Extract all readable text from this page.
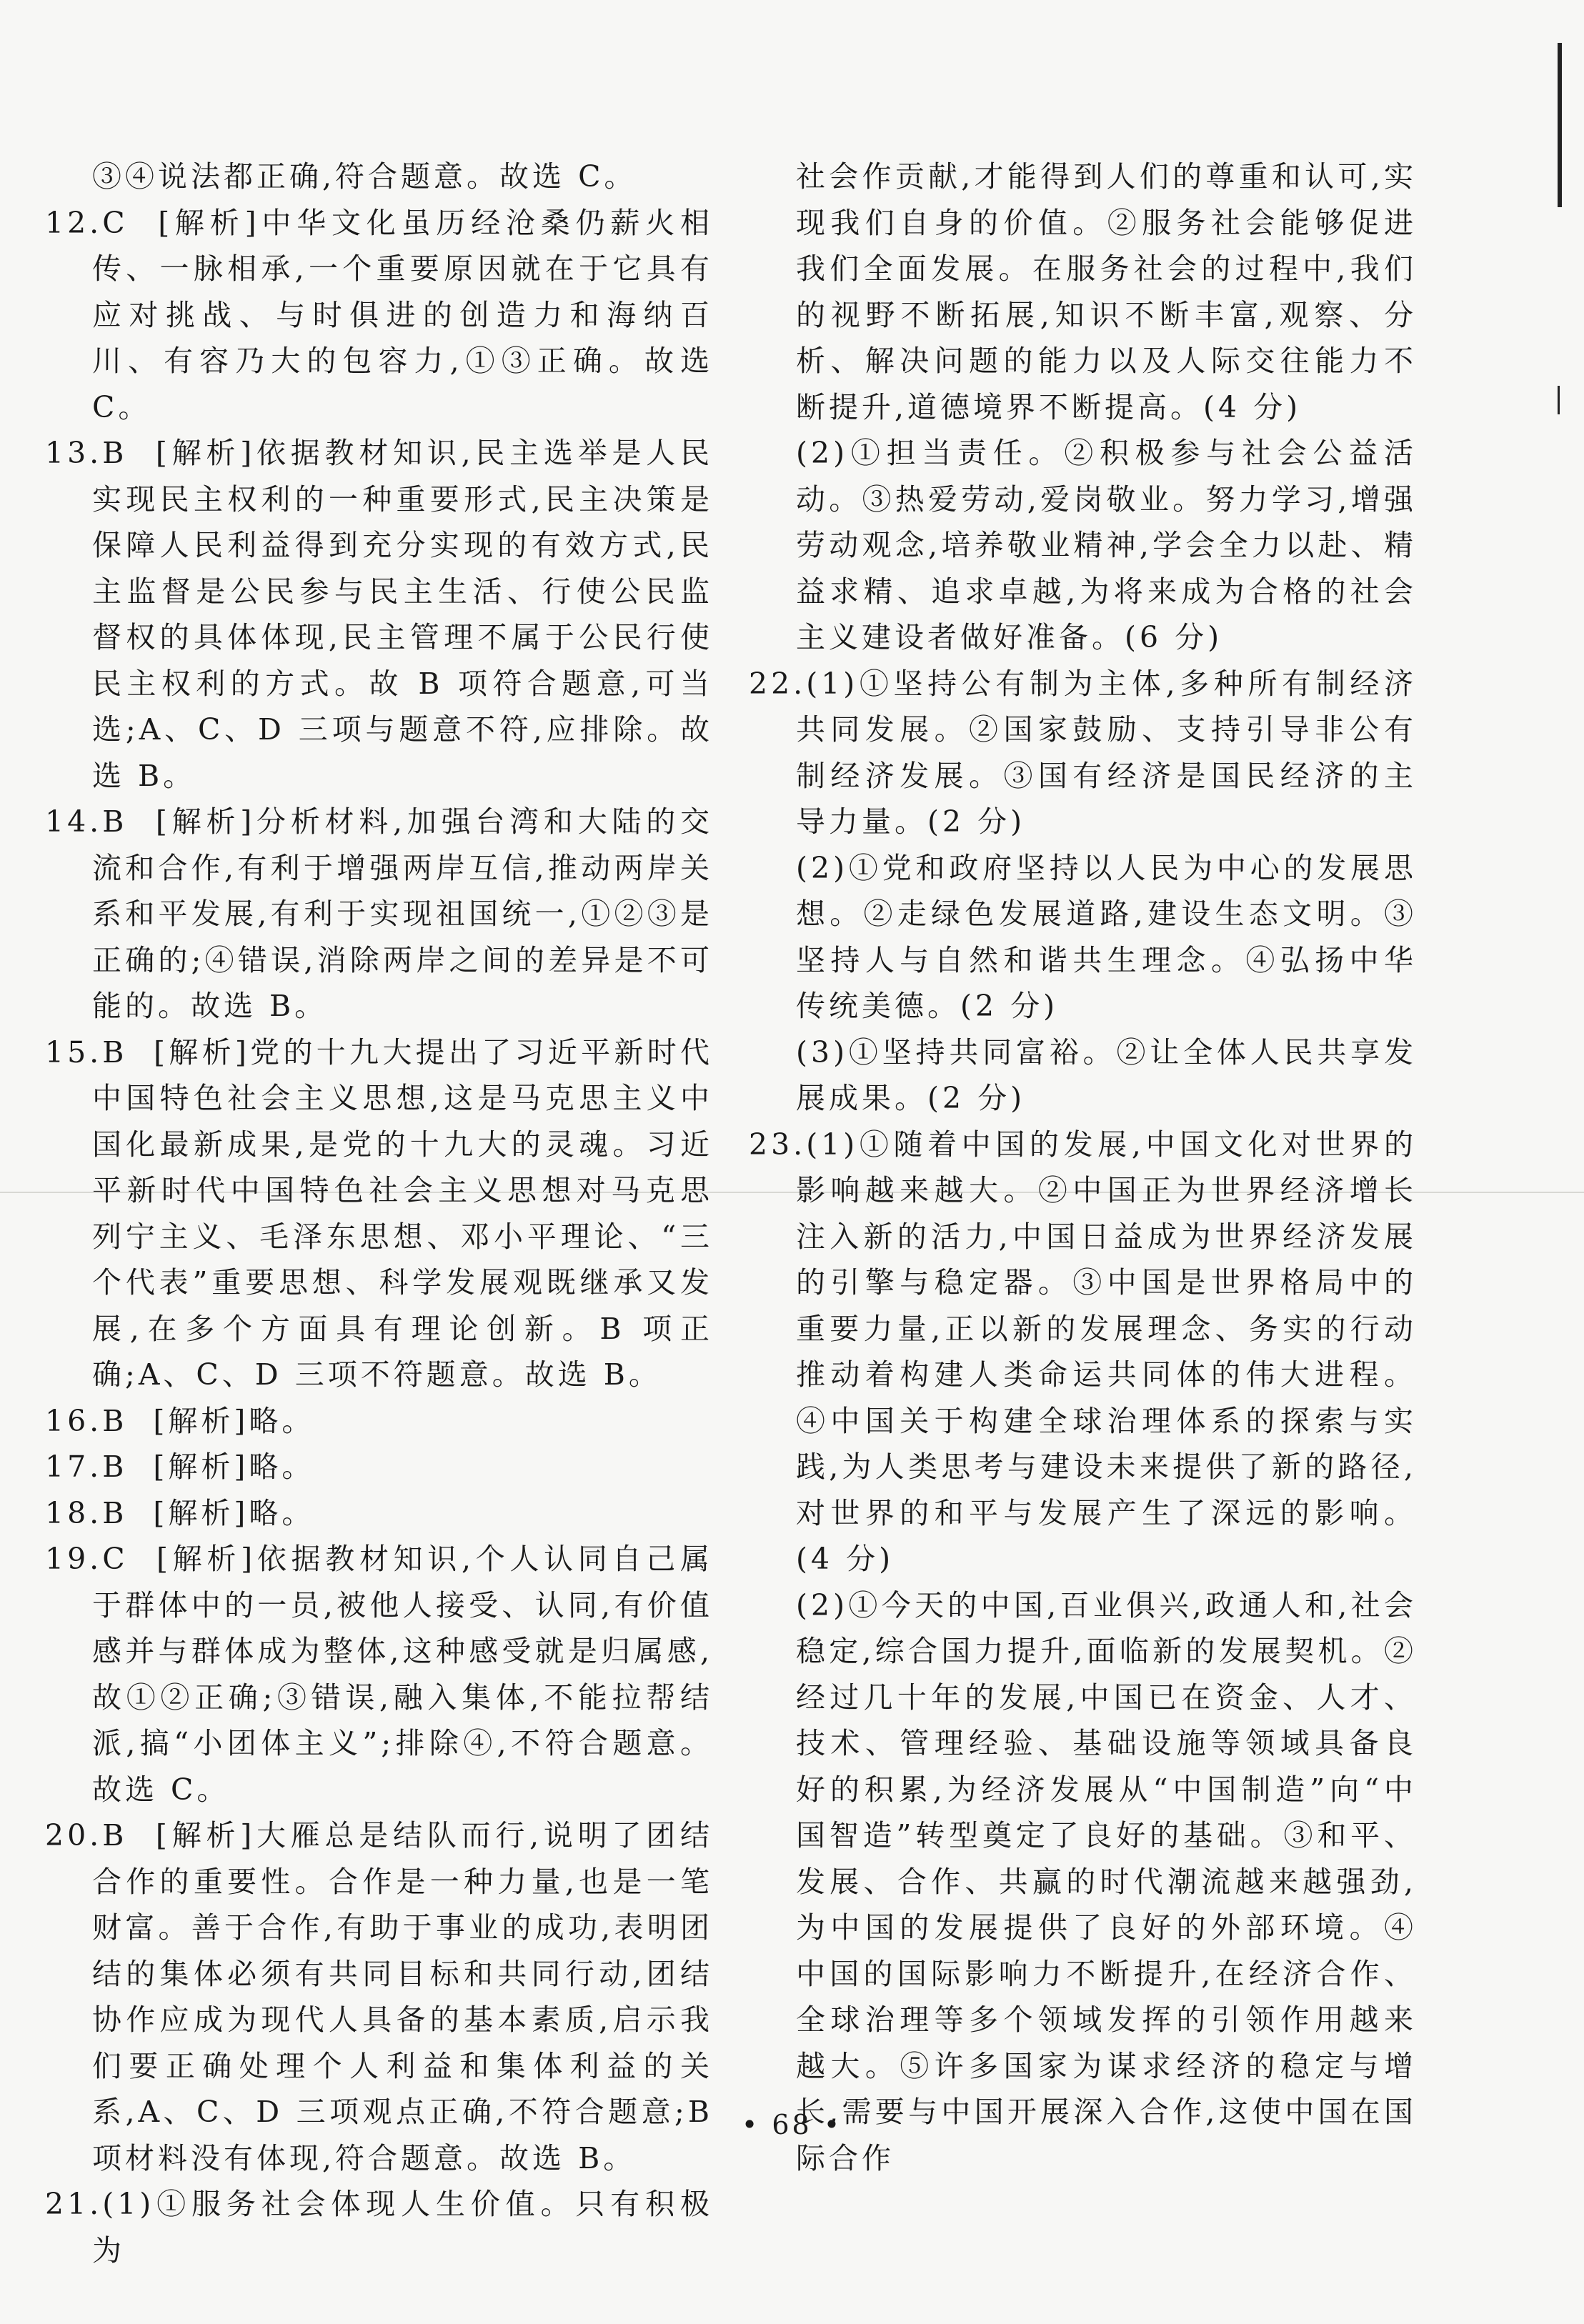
③④说法都正确,符合题意。故选 C。

12.C  [解析]中华文化虽历经沧桑仍薪火相传、一脉相承,一个重要原因就在于它具有应对挑战、与时俱进的创造力和海纳百川、有容乃大的包容力,①③正确。故选 C。

13.B  [解析]依据教材知识,民主选举是人民实现民主权利的一种重要形式,民主决策是保障人民利益得到充分实现的有效方式,民主监督是公民参与民主生活、行使公民监督权的具体体现,民主管理不属于公民行使民主权利的方式。故 B 项符合题意,可当选;A、C、D 三项与题意不符,应排除。故选 B。

14.B  [解析]分析材料,加强台湾和大陆的交流和合作,有利于增强两岸互信,推动两岸关系和平发展,有利于实现祖国统一,①②③是正确的;④错误,消除两岸之间的差异是不可能的。故选 B。

15.B  [解析]党的十九大提出了习近平新时代中国特色社会主义思想,这是马克思主义中国化最新成果,是党的十九大的灵魂。习近平新时代中国特色社会主义思想对马克思列宁主义、毛泽东思想、邓小平理论、“三个代表”重要思想、科学发展观既继承又发展,在多个方面具有理论创新。B 项正确;A、C、D 三项不符题意。故选 B。

16.B  [解析]略。

17.B  [解析]略。

18.B  [解析]略。

19.C  [解析]依据教材知识,个人认同自己属于群体中的一员,被他人接受、认同,有价值感并与群体成为整体,这种感受就是归属感,故①②正确;③错误,融入集体,不能拉帮结派,搞“小团体主义”;排除④,不符合题意。故选 C。

20.B  [解析]大雁总是结队而行,说明了团结合作的重要性。合作是一种力量,也是一笔财富。善于合作,有助于事业的成功,表明团结的集体必须有共同目标和共同行动,团结协作应成为现代人具备的基本素质,启示我们要正确处理个人利益和集体利益的关系,A、C、D 三项观点正确,不符合题意;B 项材料没有体现,符合题意。故选 B。

21.(1)①服务社会体现人生价值。只有积极为

社会作贡献,才能得到人们的尊重和认可,实现我们自身的价值。②服务社会能够促进我们全面发展。在服务社会的过程中,我们的视野不断拓展,知识不断丰富,观察、分析、解决问题的能力以及人际交往能力不断提升,道德境界不断提高。(4 分)

(2)①担当责任。②积极参与社会公益活动。③热爱劳动,爱岗敬业。努力学习,增强劳动观念,培养敬业精神,学会全力以赴、精益求精、追求卓越,为将来成为合格的社会主义建设者做好准备。(6 分)

22.(1)①坚持公有制为主体,多种所有制经济共同发展。②国家鼓励、支持引导非公有制经济发展。③国有经济是国民经济的主导力量。(2 分)

(2)①党和政府坚持以人民为中心的发展思想。②走绿色发展道路,建设生态文明。③坚持人与自然和谐共生理念。④弘扬中华传统美德。(2 分)

(3)①坚持共同富裕。②让全体人民共享发展成果。(2 分)

23.(1)①随着中国的发展,中国文化对世界的影响越来越大。②中国正为世界经济增长注入新的活力,中国日益成为世界经济发展的引擎与稳定器。③中国是世界格局中的重要力量,正以新的发展理念、务实的行动推动着构建人类命运共同体的伟大进程。④中国关于构建全球治理体系的探索与实践,为人类思考与建设未来提供了新的路径,对世界的和平与发展产生了深远的影响。(4 分)

(2)①今天的中国,百业俱兴,政通人和,社会稳定,综合国力提升,面临新的发展契机。②经过几十年的发展,中国已在资金、人才、技术、管理经验、基础设施等领域具备良好的积累,为经济发展从“中国制造”向“中国智造”转型奠定了良好的基础。③和平、发展、合作、共赢的时代潮流越来越强劲,为中国的发展提供了良好的外部环境。④中国的国际影响力不断提升,在经济合作、全球治理等多个领域发挥的引领作用越来越大。⑤许多国家为谋求经济的稳定与增长,需要与中国开展深入合作,这使中国在国际合作

• 68 •
